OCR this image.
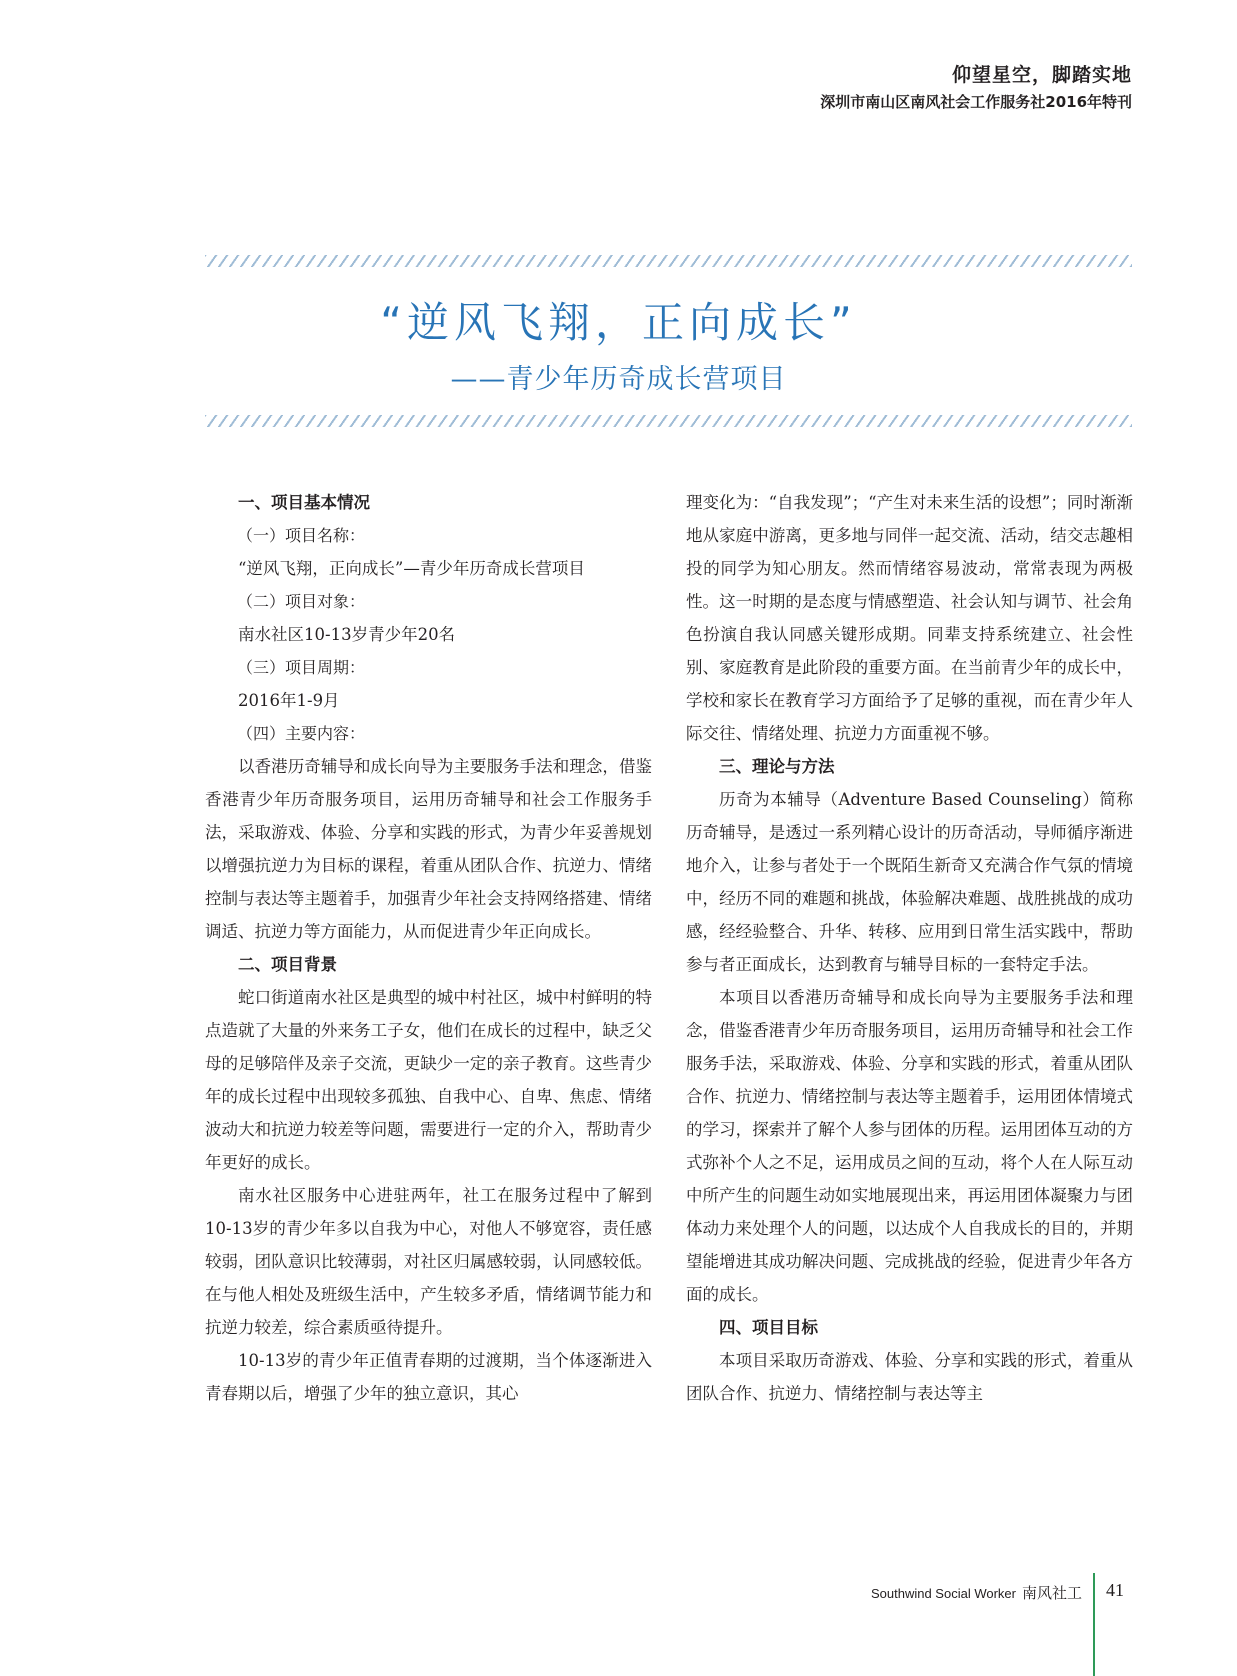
仰望星空，脚踏实地
深圳市南山区南风社会工作服务社2016年特刊
“逆风飞翔，正向成长”
——青少年历奇成长营项目

一、项目基本情况

（一）项目名称：

“逆风飞翔，正向成长”—青少年历奇成长营项目

（二）项目对象：

南水社区10-13岁青少年20名

（三）项目周期：

2016年1-9月

（四）主要内容：

以香港历奇辅导和成长向导为主要服务手法和理念，借鉴香港青少年历奇服务项目，运用历奇辅导和社会工作服务手法，采取游戏、体验、分享和实践的形式，为青少年妥善规划以增强抗逆力为目标的课程，着重从团队合作、抗逆力、情绪控制与表达等主题着手，加强青少年社会支持网络搭建、情绪调适、抗逆力等方面能力，从而促进青少年正向成长。

二、项目背景

蛇口街道南水社区是典型的城中村社区，城中村鲜明的特点造就了大量的外来务工子女，他们在成长的过程中，缺乏父母的足够陪伴及亲子交流，更缺少一定的亲子教育。这些青少年的成长过程中出现较多孤独、自我中心、自卑、焦虑、情绪波动大和抗逆力较差等问题，需要进行一定的介入，帮助青少年更好的成长。

南水社区服务中心进驻两年，社工在服务过程中了解到10-13岁的青少年多以自我为中心，对他人不够宽容，责任感较弱，团队意识比较薄弱，对社区归属感较弱，认同感较低。在与他人相处及班级生活中，产生较多矛盾，情绪调节能力和抗逆力较差，综合素质亟待提升。

10-13岁的青少年正值青春期的过渡期，当个体逐渐进入青春期以后，增强了少年的独立意识，其心

理变化为：“自我发现”；“产生对未来生活的设想”；同时渐渐地从家庭中游离，更多地与同伴一起交流、活动，结交志趣相投的同学为知心朋友。然而情绪容易波动，常常表现为两极性。这一时期的是态度与情感塑造、社会认知与调节、社会角色扮演自我认同感关键形成期。同辈支持系统建立、社会性别、家庭教育是此阶段的重要方面。在当前青少年的成长中，学校和家长在教育学习方面给予了足够的重视，而在青少年人际交往、情绪处理、抗逆力方面重视不够。

三、理论与方法

历奇为本辅导（Adventure Based Counseling）简称历奇辅导，是透过一系列精心设计的历奇活动，导师循序渐进地介入，让参与者处于一个既陌生新奇又充满合作气氛的情境中，经历不同的难题和挑战，体验解决难题、战胜挑战的成功感，经经验整合、升华、转移、应用到日常生活实践中，帮助参与者正面成长，达到教育与辅导目标的一套特定手法。

本项目以香港历奇辅导和成长向导为主要服务手法和理念，借鉴香港青少年历奇服务项目，运用历奇辅导和社会工作服务手法，采取游戏、体验、分享和实践的形式，着重从团队合作、抗逆力、情绪控制与表达等主题着手，运用团体情境式的学习，探索并了解个人参与团体的历程。运用团体互动的方式弥补个人之不足，运用成员之间的互动，将个人在人际互动中所产生的问题生动如实地展现出来，再运用团体凝聚力与团体动力来处理个人的问题，以达成个人自我成长的目的，并期望能增进其成功解决问题、完成挑战的经验，促进青少年各方面的成长。

四、项目目标

本项目采取历奇游戏、体验、分享和实践的形式，着重从团队合作、抗逆力、情绪控制与表达等主

Southwind Social Worker 南风社工 41
